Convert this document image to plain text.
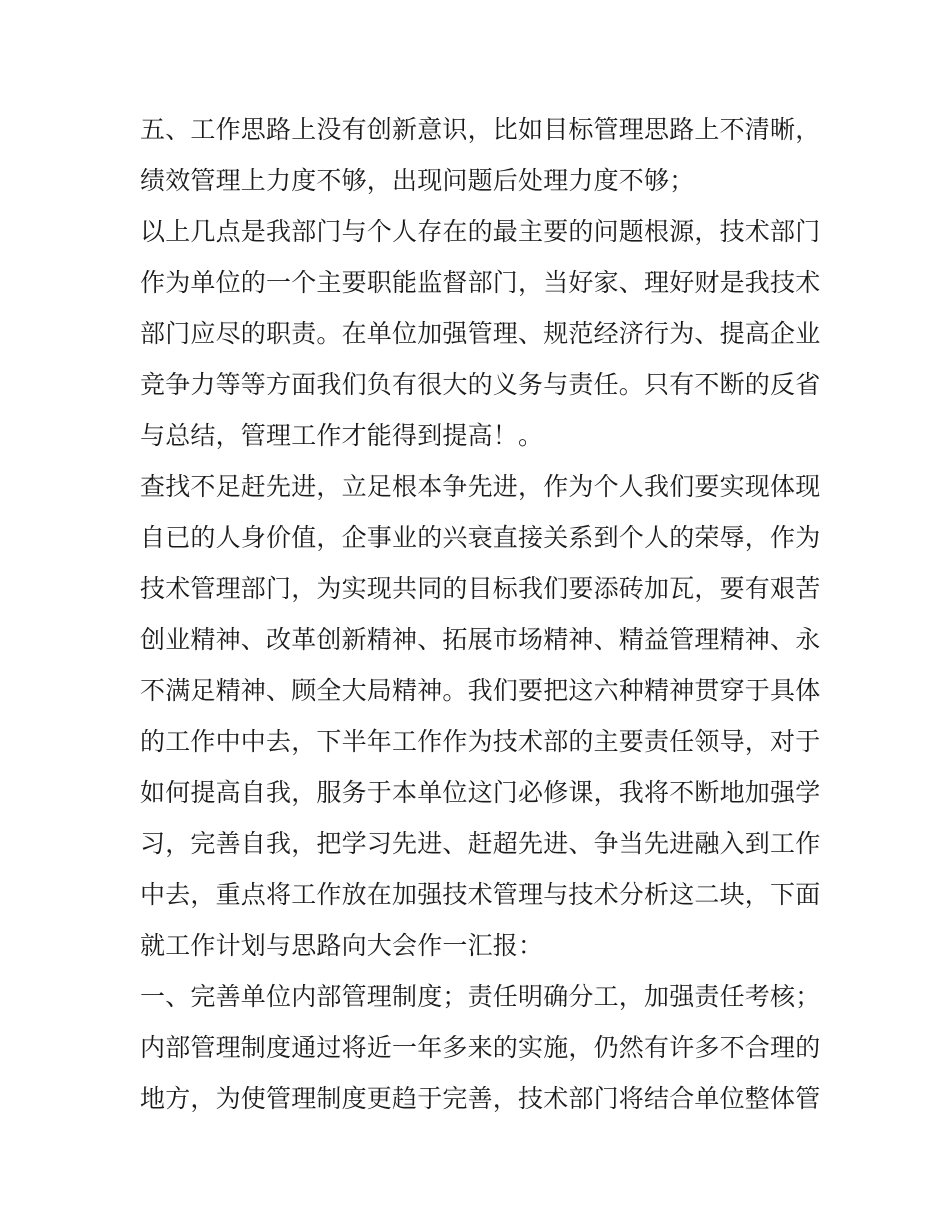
五、工作思路上没有创新意识，比如目标管理思路上不清晰，
绩效管理上力度不够，出现问题后处理力度不够；
以上几点是我部门与个人存在的最主要的问题根源，技术部门
作为单位的一个主要职能监督部门，当好家、理好财是我技术
部门应尽的职责。在单位加强管理、规范经济行为、提高企业
竞争力等等方面我们负有很大的义务与责任。只有不断的反省
与总结，管理工作才能得到提高！。
查找不足赶先进，立足根本争先进，作为个人我们要实现体现
自已的人身价值，企事业的兴衰直接关系到个人的荣辱，作为
技术管理部门，为实现共同的目标我们要添砖加瓦，要有艰苦
创业精神、改革创新精神、拓展市场精神、精益管理精神、永
不满足精神、顾全大局精神。我们要把这六种精神贯穿于具体
的工作中中去，下半年工作作为技术部的主要责任领导，对于
如何提高自我，服务于本单位这门必修课，我将不断地加强学
习，完善自我，把学习先进、赶超先进、争当先进融入到工作
中去，重点将工作放在加强技术管理与技术分析这二块，下面
就工作计划与思路向大会作一汇报：
一、完善单位内部管理制度；责任明确分工，加强责任考核；
内部管理制度通过将近一年多来的实施，仍然有许多不合理的
地方，为使管理制度更趋于完善，技术部门将结合单位整体管
